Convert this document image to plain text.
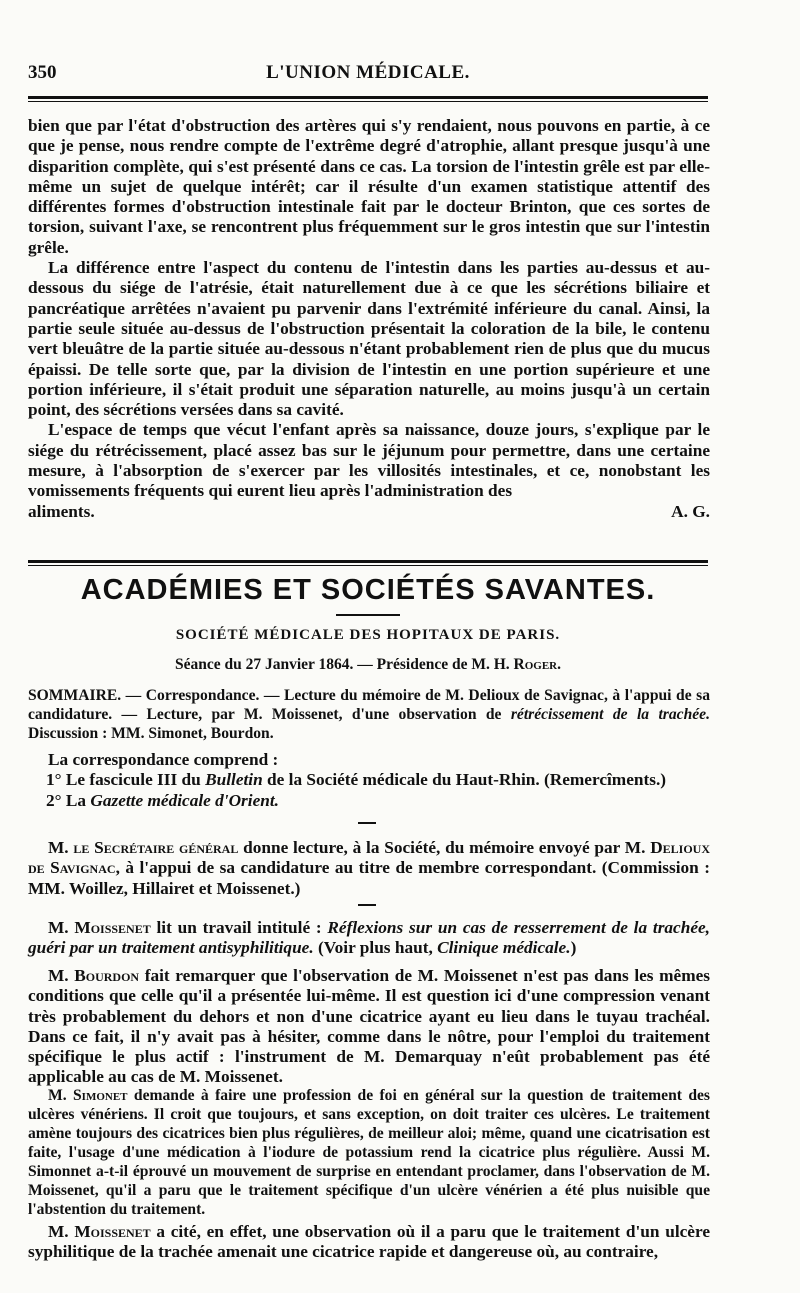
350	L'UNION MÉDICALE.

bien que par l'état d'obstruction des artères qui s'y rendaient, nous pouvons en partie, à ce que je pense, nous rendre compte de l'extrême degré d'atrophie, allant presque jusqu'à une disparition complète, qui s'est présenté dans ce cas. La torsion de l'intestin grêle est par elle-même un sujet de quelque intérêt; car il résulte d'un examen statistique attentif des différentes formes d'obstruction intestinale fait par le docteur Brinton, que ces sortes de torsion, suivant l'axe, se rencontrent plus fréquemment sur le gros intestin que sur l'intestin grêle.

La différence entre l'aspect du contenu de l'intestin dans les parties au-dessus et au-dessous du siége de l'atrésie, était naturellement due à ce que les sécrétions biliaire et pancréatique arrêtées n'avaient pu parvenir dans l'extrémité inférieure du canal. Ainsi, la partie seule située au-dessus de l'obstruction présentait la coloration de la bile, le contenu vert bleuâtre de la partie située au-dessous n'étant probablement rien de plus que du mucus épaissi. De telle sorte que, par la division de l'intestin en une portion supérieure et une portion inférieure, il s'était produit une séparation naturelle, au moins jusqu'à un certain point, des sécrétions versées dans sa cavité.

L'espace de temps que vécut l'enfant après sa naissance, douze jours, s'explique par le siége du rétrécissement, placé assez bas sur le jéjunum pour permettre, dans une certaine mesure, à l'absorption de s'exercer par les villosités intestinales, et ce, nonobstant les vomissements fréquents qui eurent lieu après l'administration des

aliments.	A. G.
ACADÉMIES ET SOCIÉTÉS SAVANTES.
SOCIÉTÉ MÉDICALE DES HOPITAUX DE PARIS.
Séance du 27 Janvier 1864. — Présidence de M. H. Roger.

SOMMAIRE. — Correspondance. — Lecture du mémoire de M. Delioux de Savignac, à l'appui de sa candidature. — Lecture, par M. Moissenet, d'une observation de rétrécissement de la trachée. Discussion : MM. Simonet, Bourdon.

La correspondance comprend :

1° Le fascicule III du Bulletin de la Société médicale du Haut-Rhin. (Remercîments.)

2° La Gazette médicale d'Orient.

M. le Secrétaire général donne lecture, à la Société, du mémoire envoyé par M. Delioux de Savignac, à l'appui de sa candidature au titre de membre correspondant. (Commission : MM. Woillez, Hillairet et Moissenet.)

M. Moissenet lit un travail intitulé : Réflexions sur un cas de resserrement de la trachée, guéri par un traitement antisyphilitique. (Voir plus haut, Clinique médicale.)

M. Bourdon fait remarquer que l'observation de M. Moissenet n'est pas dans les mêmes conditions que celle qu'il a présentée lui-même. Il est question ici d'une compression venant très probablement du dehors et non d'une cicatrice ayant eu lieu dans le tuyau trachéal. Dans ce fait, il n'y avait pas à hésiter, comme dans le nôtre, pour l'emploi du traitement spécifique le plus actif : l'instrument de M. Demarquay n'eût probablement pas été applicable au cas de M. Moissenet.

M. Simonet demande à faire une profession de foi en général sur la question de traitement des ulcères vénériens. Il croit que toujours, et sans exception, on doit traiter ces ulcères. Le traitement amène toujours des cicatrices bien plus régulières, de meilleur aloi; même, quand une cicatrisation est faite, l'usage d'une médication à l'iodure de potassium rend la cicatrice plus régulière. Aussi M. Simonnet a-t-il éprouvé un mouvement de surprise en entendant proclamer, dans l'observation de M. Moissenet, qu'il a paru que le traitement spécifique d'un ulcère vénérien a été plus nuisible que l'abstention du traitement.

M. Moissenet a cité, en effet, une observation où il a paru que le traitement d'un ulcère syphilitique de la trachée amenait une cicatrice rapide et dangereuse où, au contraire,
